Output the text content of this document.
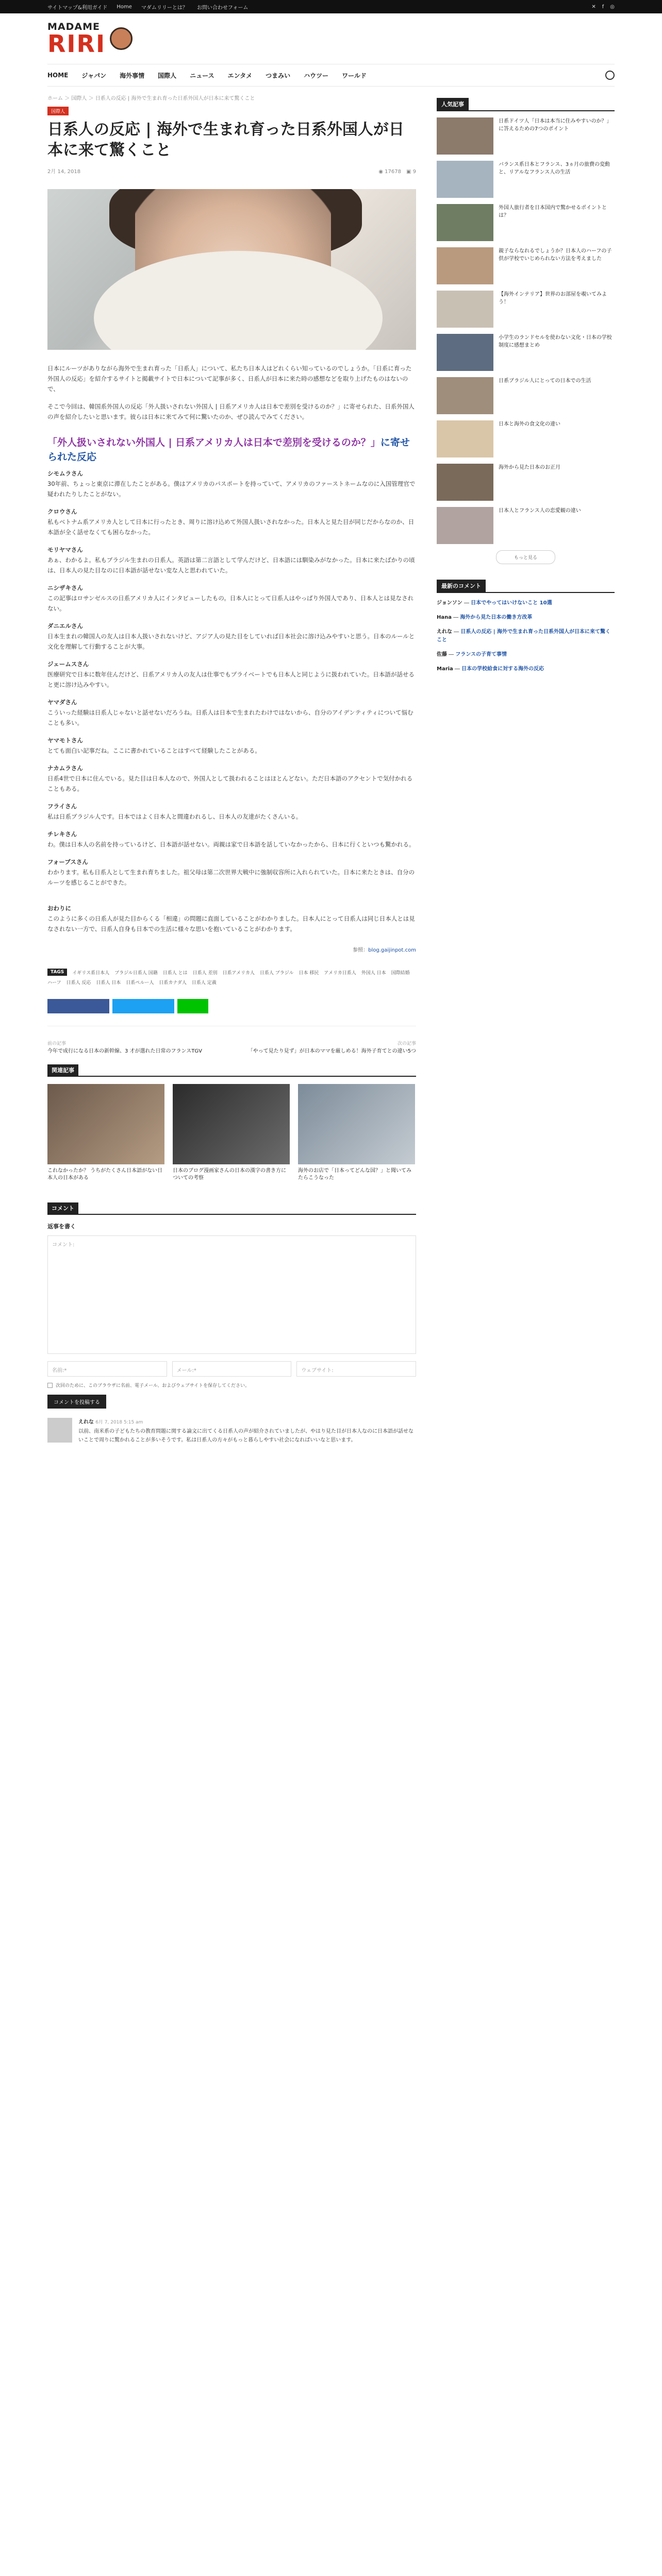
サイトマップ&利用ガイド Home マダムリリーとは？ お問い合わせフォーム	✕ f ◎
MADAME
RIRI
HOME ジャパン 海外事情 国際人 ニュース エンタメ つまみい ハウツー ワールド
ホーム ＞ 国際人 ＞ 日系人の反応 | 海外で生まれ育った日系外国人が日本に来て驚くこと
国際人
日系人の反応 | 海外で生まれ育った日系外国人が日本に来て驚くこと
2月 14, 2018	◉ 17678　 ▣ 9

日本にルーツがありながら海外で生まれ育った「日系人」について、私たち日本人はどれくらい知っているのでしょうか。「日系に育った外国人の反応」を紹介するサイトと掲載サイトで日本について記事が多く、日系人が日本に来た時の感想などを取り上げたものはないので、

そこで今回は、韓国系外国人の反応「外人扱いされない外国人 | 日系アメリカ人は日本で差別を受けるのか？」に寄せられた、日系外国人の声を紹介したいと思います。彼らは日本に来てみて何に驚いたのか、ぜひ読んでみてください。

「外人扱いされない外国人 | 日系アメリカ人は日本で差別を受けるのか？」に寄せられた反応
シモムラさん

30年前、ちょっと東京に滞在したことがある。僕はアメリカのパスポートを持っていて、アメリカのファーストネームなのに入国管理官で疑われたりしたことがない。

クロウさん

私もベトナム系アメリカ人として日本に行ったとき、周りに溶け込めて外国人扱いされなかった。日本人と見た目が同じだからなのか、日本語が全く話せなくても困らなかった。

モリヤマさん

あぁ、わかるよ。私もブラジル生まれの日系人。英語は第二言語として学んだけど、日本語には馴染みがなかった。日本に来たばかりの頃は、日本人の見た目なのに日本語が話せない変な人と思われていた。

ニシザキさん

この記事はロサンゼルスの日系アメリカ人にインタビューしたもの。日本人にとって日系人はやっぱり外国人であり、日本人とは見なされない。

ダニエルさん

日本生まれの韓国人の友人は日本人扱いされないけど、アジア人の見た目をしていれば日本社会に溶け込みやすいと思う。日本のルールと文化を理解して行動することが大事。

ジェームスさん

医療研究で日本に数年住んだけど、日系アメリカ人の友人は仕事でもプライベートでも日本人と同じように扱われていた。日本語が話せると更に溶け込みやすい。

ヤマダさん

こういった経験は日系人じゃないと話せないだろうね。日系人は日本で生まれたわけではないから、自分のアイデンティティについて悩むことも多い。

ヤマモトさん

とても面白い記事だね。ここに書かれていることはすべて経験したことがある。

ナカムラさん

日系4世で日本に住んでいる。見た目は日本人なので、外国人として扱われることはほとんどない。ただ日本語のアクセントで気付かれることもある。

フライさん

私は日系ブラジル人です。日本ではよく日本人と間違われるし、日本人の友達がたくさんいる。

チレキさん

わ。僕は日本人の名前を持っているけど、日本語が話せない。両親は家で日本語を話していなかったから、日本に行くといつも驚かれる。

フォーブスさん

わかります。私も日系人として生まれ育ちました。祖父母は第二次世界大戦中に強制収容所に入れられていた。日本に来たときは、自分のルーツを感じることができた。

おわりに

このように多くの日系人が見た目からくる「相違」の問題に直面していることがわかりました。日本人にとって日系人は同じ日本人とは見なされない一方で、日系人自身も日本での生活に様々な思いを抱いていることがわかります。

参照：blog.gaijinpot.com
TAGS	イギリス系日本人 ブラジル日系人 国籍 日系人 とは 日系人 差別 日系アメリカ人 日系人 ブラジル 日本 移民 アメリカ日系人 外国人 日本 国際結婚
ハーフ 日系人 反応 日系人 日本 日系ペルー人 日系カナダ人 日系人 定義
前の記事
今年で成行になる日本の新幹線、3 才が選れた日常のフランスTGV
次の記事
「やって見たり見ず」が日本のママを厳しめる！海外子育てとの違い5つ
関連記事
これなかったか？ うちがたくさん日本語がない日本人の日本がある
日本のブログ漫画家さんの日本の漢字の書き方についての考察
海外のお店で「日本ってどんな国？」と聞いてみたらこうなった
コメント
返事を書く
コメント:
名前:*	メール:*	ウェブサイト:
次回のために、このブラウザに名前、電子メール、およびウェブサイトを保存してください。
コメントを投稿する
えれな 6月 7, 2018 5:15 am
以前、南米系の子どもたちの教育問題に関する論文に出てくる日系人の声が紹介されていましたが、やはり見た目が日本人なのに日本語が話せないことで周りに驚かれることが多いそうです。私は日系人の方々がもっと暮らしやすい社会になればいいなと思います。
人気記事
日系ドイツ人「日本は本当に住みやすいのか？」に答えるための7つのポイント
バランス系日本とフランス、3ヵ月の旅費の変動と、リアルなフランス人の生活
外国人旅行者を日本国内で驚かせるポイントとは？
親子ならなれるでしょうか？日本人のハーフの子供が学校でいじめられない方法を考えました
【海外インテリア】世界のお部屋を覗いてみよう！
小学生のランドセルを使わない文化・日本の学校制度に感想まとめ
日系ブラジル人にとっての日本での生活
日本と海外の食文化の違い
海外から見た日本のお正月
日本人とフランス人の恋愛観の違い
もっと見る
最新のコメント
ジョンソン ― 日本でやってはいけないこと 10選
Hana ― 海外から見た日本の働き方改革
えれな ― 日系人の反応 | 海外で生まれ育った日系外国人が日本に来て驚くこと
佐藤 ― フランスの子育て事情
Maria ― 日本の学校給食に対する海外の反応
